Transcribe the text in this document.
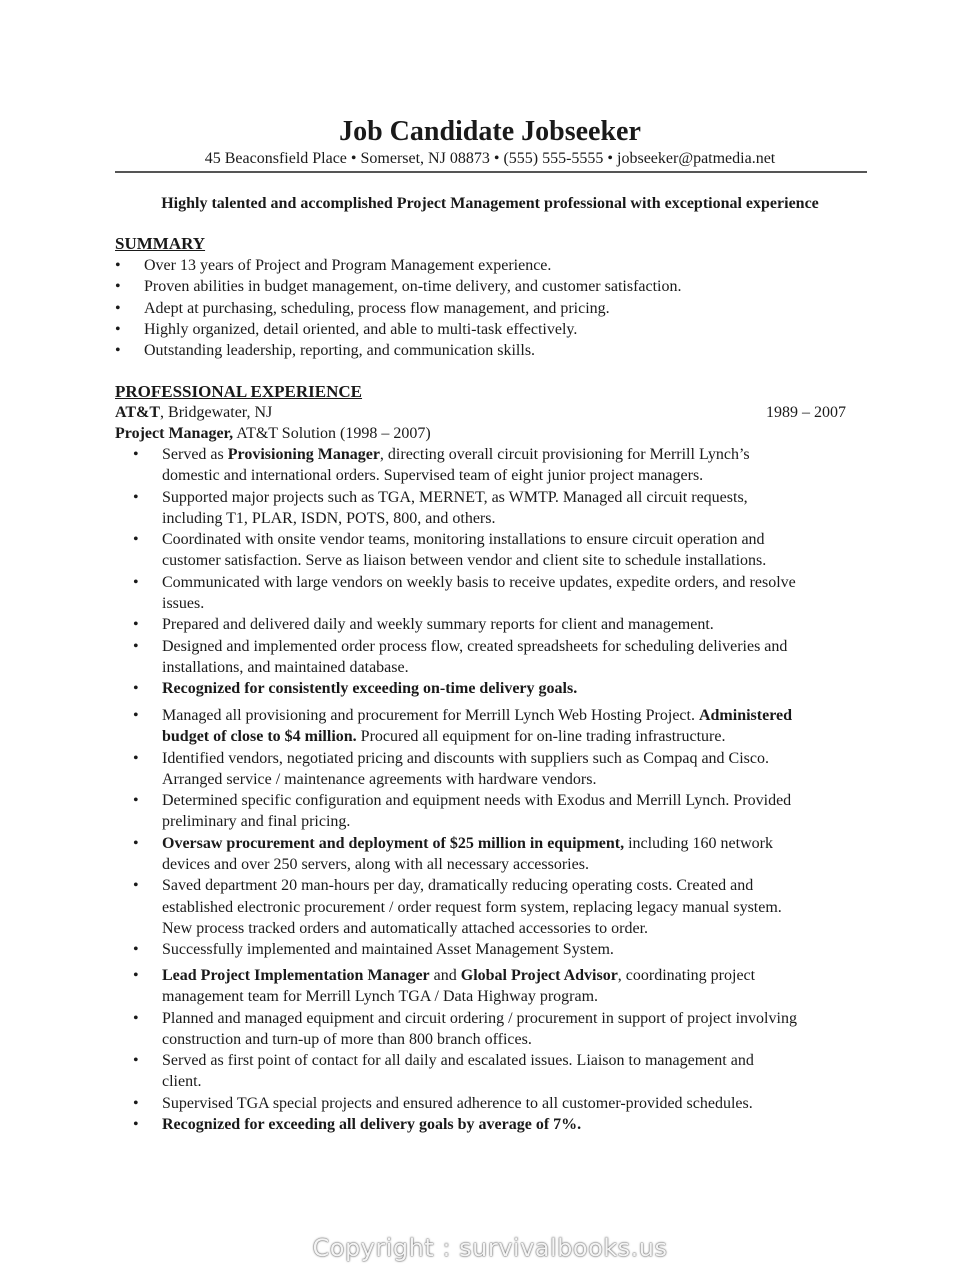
Job Candidate Jobseeker
45 Beaconsfield Place • Somerset, NJ 08873 • (555) 555-5555 • jobseeker@patmedia.net
Highly talented and accomplished Project Management professional with exceptional experience
SUMMARY
• Over 13 years of Project and Program Management experience.
• Proven abilities in budget management, on-time delivery, and customer satisfaction.
• Adept at purchasing, scheduling, process flow management, and pricing.
• Highly organized, detail oriented, and able to multi-task effectively.
• Outstanding leadership, reporting, and communication skills.
PROFESSIONAL EXPERIENCE
AT&T, Bridgewater, NJ	1989 – 2007
Project Manager, AT&T Solution (1998 – 2007)
• Served as Provisioning Manager, directing overall circuit provisioning for Merrill Lynch’s
domestic and international orders. Supervised team of eight junior project managers.
• Supported major projects such as TGA, MERNET, as WMTP. Managed all circuit requests,
including T1, PLAR, ISDN, POTS, 800, and others.
• Coordinated with onsite vendor teams, monitoring installations to ensure circuit operation and
customer satisfaction. Serve as liaison between vendor and client site to schedule installations.
• Communicated with large vendors on weekly basis to receive updates, expedite orders, and resolve
issues.
• Prepared and delivered daily and weekly summary reports for client and management.
• Designed and implemented order process flow, created spreadsheets for scheduling deliveries and
installations, and maintained database.
• Recognized for consistently exceeding on-time delivery goals.
• Managed all provisioning and procurement for Merrill Lynch Web Hosting Project. Administered
budget of close to $4 million. Procured all equipment for on-line trading infrastructure.
• Identified vendors, negotiated pricing and discounts with suppliers such as Compaq and Cisco.
Arranged service / maintenance agreements with hardware vendors.
• Determined specific configuration and equipment needs with Exodus and Merrill Lynch. Provided
preliminary and final pricing.
• Oversaw procurement and deployment of $25 million in equipment, including 160 network
devices and over 250 servers, along with all necessary accessories.
• Saved department 20 man-hours per day, dramatically reducing operating costs. Created and
established electronic procurement / order request form system, replacing legacy manual system.
New process tracked orders and automatically attached accessories to order.
• Successfully implemented and maintained Asset Management System.
• Lead Project Implementation Manager and Global Project Advisor, coordinating project
management team for Merrill Lynch TGA / Data Highway program.
• Planned and managed equipment and circuit ordering / procurement in support of project involving
construction and turn-up of more than 800 branch offices.
• Served as first point of contact for all daily and escalated issues. Liaison to management and
client.
• Supervised TGA special projects and ensured adherence to all customer-provided schedules.
• Recognized for exceeding all delivery goals by average of 7%.
Copyright : survivalbooks.us
